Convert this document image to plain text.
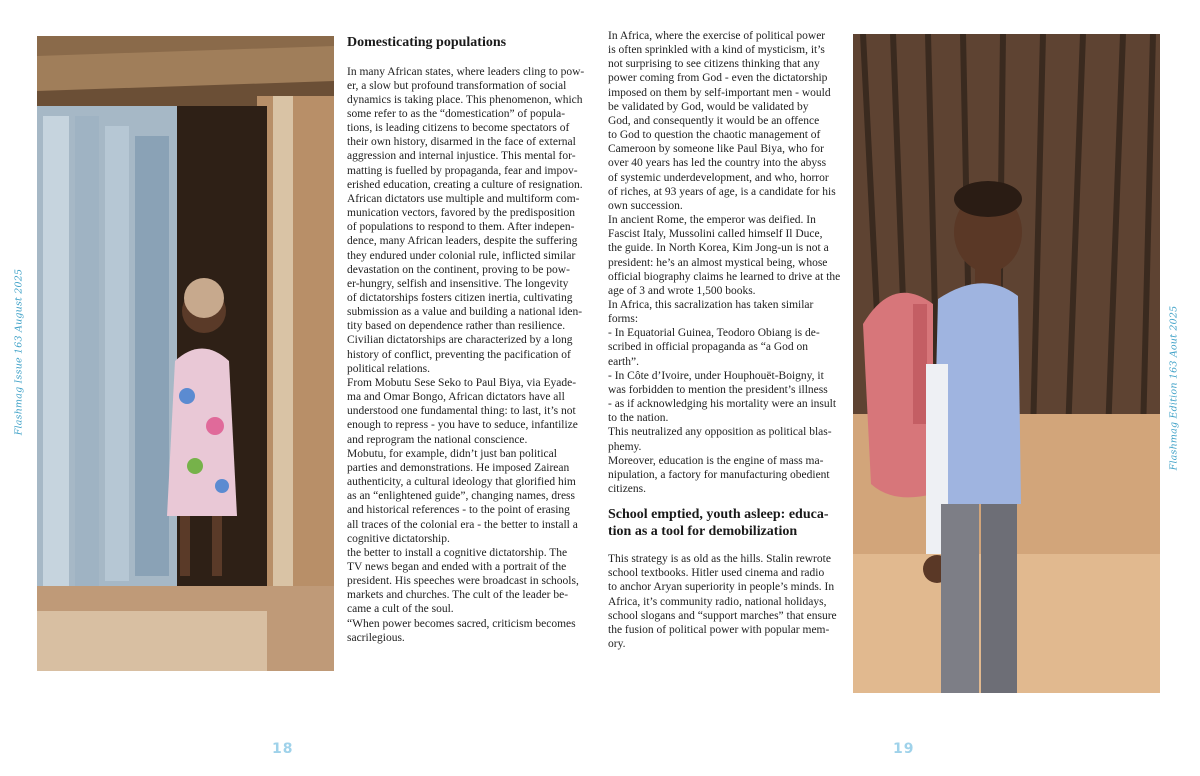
Flashmag Issue 163 August 2025
Domesticating populations

In many African states, where leaders cling to pow-
er, a slow but profound transformation of social
dynamics is taking place. This phenomenon, which
some refer to as the “domestication” of popula-
tions, is leading citizens to become spectators of
their own history, disarmed in the face of external
aggression and internal injustice. This mental for-
matting is fuelled by propaganda, fear and impov-
erished education, creating a culture of resignation.
African dictators use multiple and multiform com-
munication vectors, favored by the predisposition
of populations to respond to them. After indepen-
dence, many African leaders, despite the suffering
they endured under colonial rule, inflicted similar
devastation on the continent, proving to be pow-
er-hungry, selfish and insensitive. The longevity
of dictatorships fosters citizen inertia, cultivating
submission as a value and building a national iden-
tity based on dependence rather than resilience.
Civilian dictatorships are characterized by a long
history of conflict, preventing the pacification of
political relations.

From Mobutu Sese Seko to Paul Biya, via Eyade-
ma and Omar Bongo, African dictators have all
understood one fundamental thing: to last, it’s not
enough to repress - you have to seduce, infantilize
and reprogram the national conscience.

Mobutu, for example, didn’t just ban political
parties and demonstrations. He imposed Zairean
authenticity, a cultural ideology that glorified him
as an “enlightened guide”, changing names, dress
and historical references - to the point of erasing
all traces of the colonial era - the better to install a
cognitive dictatorship.

the better to install a cognitive dictatorship. The
TV news began and ended with a portrait of the
president. His speeches were broadcast in schools,
markets and churches. The cult of the leader be-
came a cult of the soul.

“When power becomes sacred, criticism becomes
sacrilegious.

In Africa, where the exercise of political power
is often sprinkled with a kind of mysticism, it’s
not surprising to see citizens thinking that any
power coming from God - even the dictatorship
imposed on them by self-important men - would
be validated by God, would be validated by
God, and consequently it would be an offence
to God to question the chaotic management of
Cameroon by someone like Paul Biya, who for
over 40 years has led the country into the abyss
of systemic underdevelopment, and who, horror
of riches, at 93 years of age, is a candidate for his
own succession.

In ancient Rome, the emperor was deified. In
Fascist Italy, Mussolini called himself Il Duce,
the guide. In North Korea, Kim Jong-un is not a
president: he’s an almost mystical being, whose
official biography claims he learned to drive at the
age of 3 and wrote 1,500 books.

In Africa, this sacralization has taken similar
forms:

- In Equatorial Guinea, Teodoro Obiang is de-
scribed in official propaganda as “a God on
earth”.

- In Côte d’Ivoire, under Houphouët-Boigny, it
was forbidden to mention the president’s illness
- as if acknowledging his mortality were an insult
to the nation.

This neutralized any opposition as political blas-
phemy.

Moreover, education is the engine of mass ma-
nipulation, a factory for manufacturing obedient
citizens.

School emptied, youth asleep: educa-
tion as a tool for demobilization

This strategy is as old as the hills. Stalin rewrote
school textbooks. Hitler used cinema and radio
to anchor Aryan superiority in people’s minds. In
Africa, it’s community radio, national holidays,
school slogans and “support marches” that ensure
the fusion of political power with popular mem-
ory.

Flashmag Edition 163 Aout 2025
18	19
